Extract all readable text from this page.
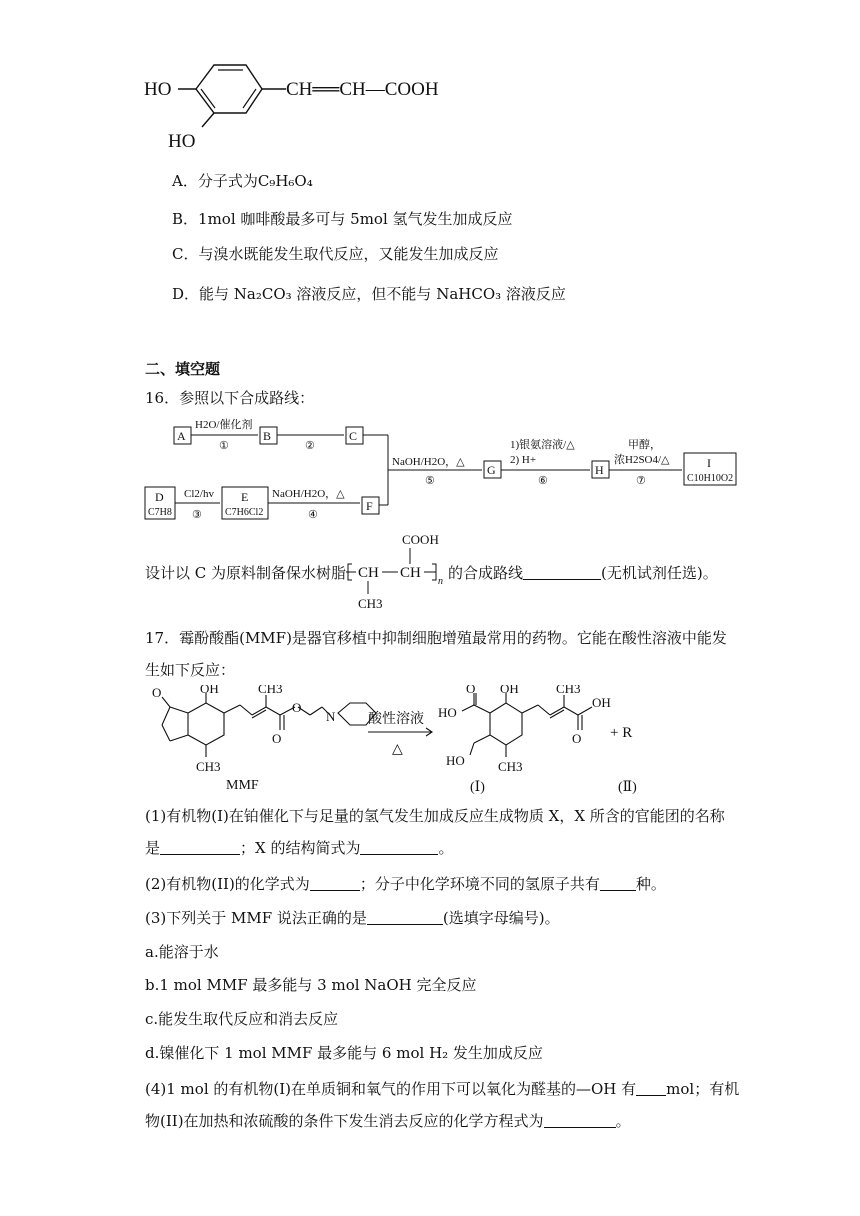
HO	CH══CH—COOH
HO
A．分子式为C₉H₆O₄
B．1mol 咖啡酸最多可与 5mol 氢气发生加成反应
C．与溴水既能发生取代反应，又能发生加成反应
D．能与 Na₂CO₃ 溶液反应，但不能与 NaHCO₃ 溶液反应
二、填空题
16．参照以下合成路线：
A
H2O/催化剂
①
B
②
C
D
C7H8
Cl2/hv
③
E
C7H6Cl2
NaOH/H2O，△
④
F
NaOH/H2O，△
⑤
G
1)银氨溶液/△
2) H+
⑥
H
甲醇，
浓H2SO4/△
⑦
I
C10H10O2
设计以 C 为原料制备保水树脂
COOH
CH CH
n
CH3
的合成路线	(无机试剂任选)。
17．霉酚酸酯(MMF)是器官移植中抑制细胞增殖最常用的药物。它能在酸性溶液中能发
生如下反应：
O	OH
CH3
CH3
O
O
N
MMF
酸性溶液
△
O
HO
OH
HO	CH3
CH3
OH
O + R
(Ⅰ)	(Ⅱ)
(1)有机物(I)在铂催化下与足量的氢气发生加成反应生成物质 X，X 所含的官能团的名称
是	；X 的结构简式为	。
(2)有机物(II)的化学式为	；分子中化学环境不同的氢原子共有 种。
(3)下列关于 MMF 说法正确的是	(选填字母编号)。
a.能溶于水
b.1 mol MMF 最多能与 3 mol NaOH 完全反应
c.能发生取代反应和消去反应
d.镍催化下 1 mol MMF 最多能与 6 mol H₂ 发生加成反应
(4)1 mol 的有机物(I)在单质铜和氧气的作用下可以氧化为醛基的—OH 有 mol；有机
物(II)在加热和浓硫酸的条件下发生消去反应的化学方程式为	。
